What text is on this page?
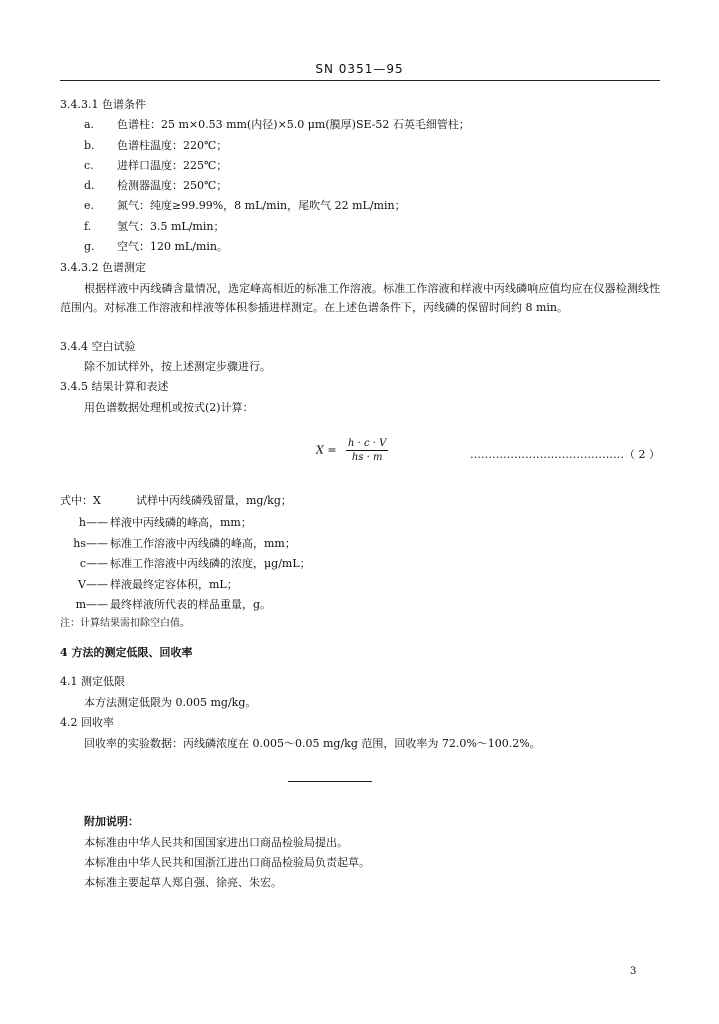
SN 0351—95
3.4.3.1 色谱条件
a.	色谱柱：25 m×0.53 mm(内径)×5.0 μm(膜厚)SE-52 石英毛细管柱；
b.	色谱柱温度：220℃；
c.	进样口温度：225℃；
d.	检测器温度：250℃；
e.	氮气：纯度≥99.99%，8 mL/min，尾吹气 22 mL/min；
f.	氢气：3.5 mL/min；
g.	空气：120 mL/min。
3.4.3.2 色谱测定
根据样液中丙线磷含量情况，选定峰高相近的标准工作溶液。标准工作溶液和样液中丙线磷响应值均应在仪器检测线性范围内。对标准工作溶液和样液等体积参插进样测定。在上述色谱条件下，丙线磷的保留时间约 8 min。
3.4.4 空白试验
除不加试样外，按上述测定步骤进行。
3.4.5 结果计算和表述
用色谱数据处理机或按式(2)计算：
$X = \frac{h \cdot c \cdot V}{hs \cdot m}$	……………………………………（ 2 ）
式中：X	试样中丙线磷残留量，mg/kg；
h—— 样液中丙线磷的峰高，mm；
hs—— 标准工作溶液中丙线磷的峰高，mm；
c—— 标准工作溶液中丙线磷的浓度，μg/mL；
V—— 样液最终定容体积，mL；
m—— 最终样液所代表的样品重量，g。
注：计算结果需扣除空白值。
4 方法的测定低限、回收率
4.1 测定低限
本方法测定低限为 0.005 mg/kg。
4.2 回收率
回收率的实验数据：丙线磷浓度在 0.005～0.05 mg/kg 范围，回收率为 72.0%～100.2%。
附加说明：
本标准由中华人民共和国国家进出口商品检验局提出。
本标准由中华人民共和国浙江进出口商品检验局负责起草。
本标准主要起草人郑自强、徐亮、朱宏。
3
